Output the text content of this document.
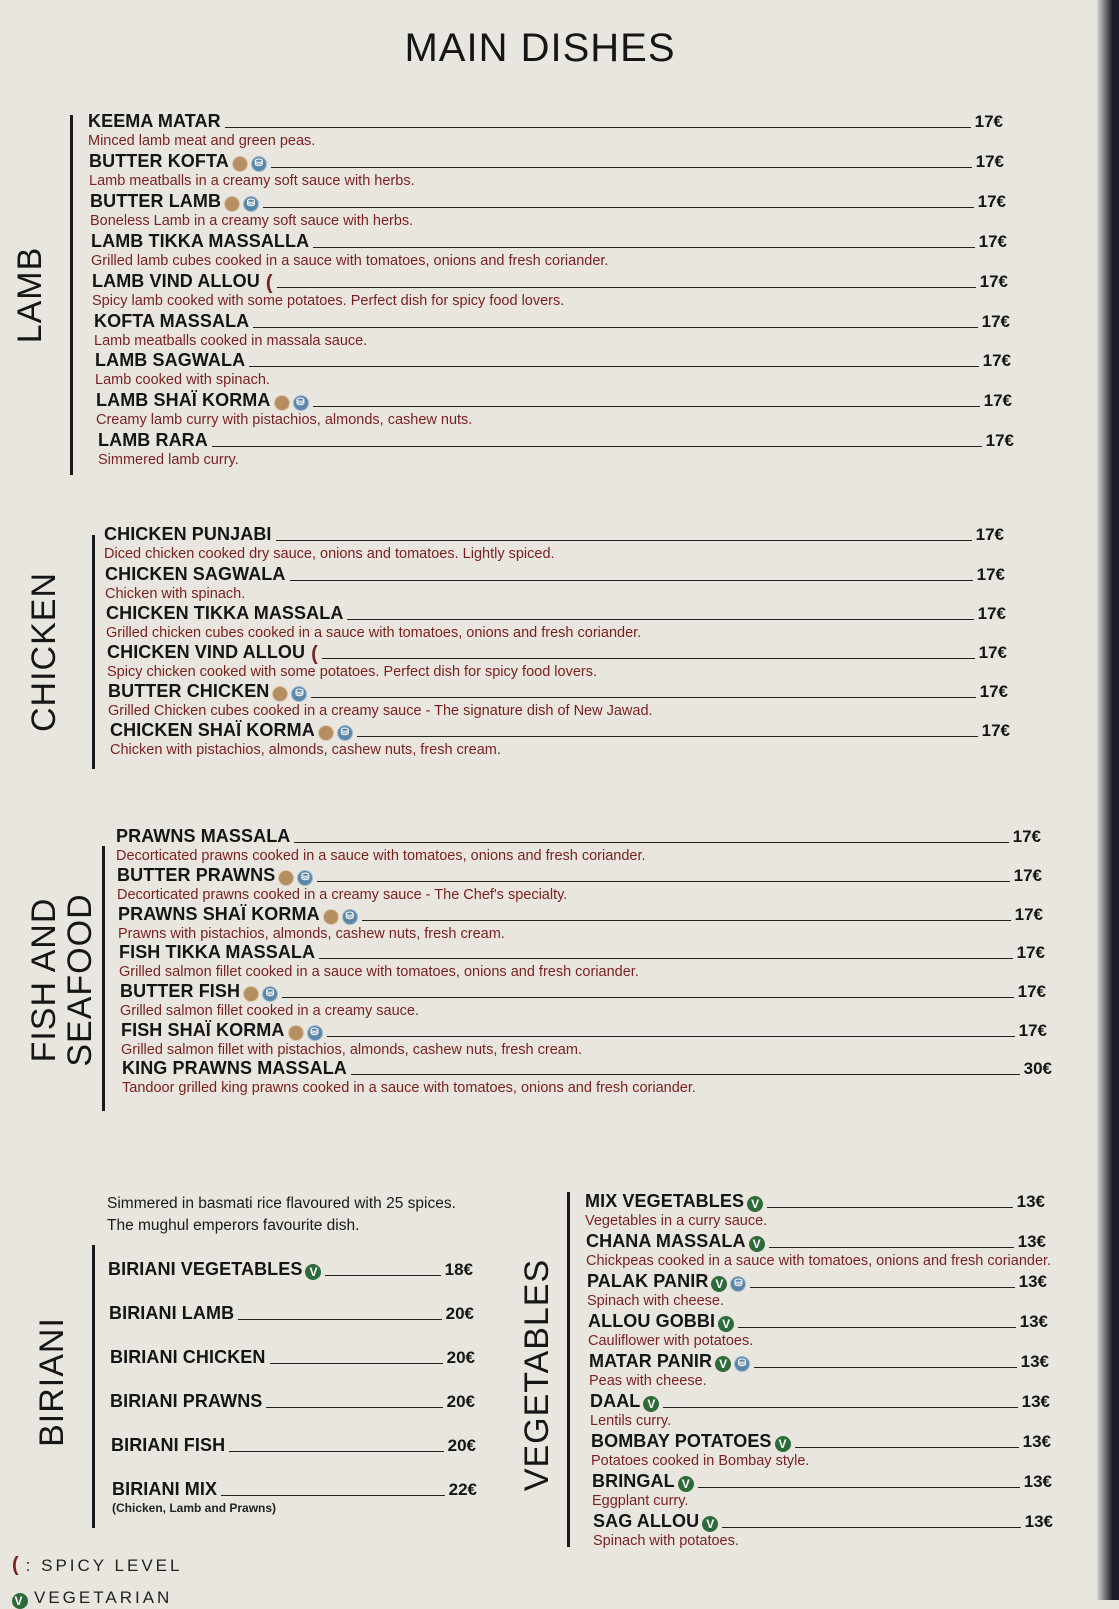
MAIN DISHES
LAMB
KEEMA MATAR	17€
Minced lamb meat and green peas.
BUTTER KOFTA	⛁	17€
Lamb meatballs in a creamy soft sauce with herbs.
BUTTER LAMB	⛁	17€
Boneless Lamb in a creamy soft sauce with herbs.
LAMB TIKKA MASSALLA	17€
Grilled lamb cubes cooked in a sauce with tomatoes, onions and fresh coriander.
LAMB VIND ALLOU (	17€
Spicy lamb cooked with some potatoes. Perfect dish for spicy food lovers.
KOFTA MASSALA	17€
Lamb meatballs cooked in massala sauce.
LAMB SAGWALA	17€
Lamb cooked with spinach.
LAMB SHAÏ KORMA	⛁	17€
Creamy lamb curry with pistachios, almonds, cashew nuts.
LAMB RARA	17€
Simmered lamb curry.
CHICKEN
CHICKEN PUNJABI	17€
Diced chicken cooked dry sauce, onions and tomatoes. Lightly spiced.
CHICKEN SAGWALA	17€
Chicken with spinach.
CHICKEN TIKKA MASSALA	17€
Grilled chicken cubes cooked in a sauce with tomatoes, onions and fresh coriander.
CHICKEN VIND ALLOU (	17€
Spicy chicken cooked with some potatoes. Perfect dish for spicy food lovers.
BUTTER CHICKEN	⛁	17€
Grilled Chicken cubes cooked in a creamy sauce - The signature dish of New Jawad.
CHICKEN SHAÏ KORMA	⛁	17€
Chicken with pistachios, almonds, cashew nuts, fresh cream.
FISH AND
SEAFOOD
PRAWNS MASSALA	17€
Decorticated prawns cooked in a sauce with tomatoes, onions and fresh coriander.
BUTTER PRAWNS	⛁	17€
Decorticated prawns cooked in a creamy sauce - The Chef's specialty.
PRAWNS SHAÏ KORMA	⛁	17€
Prawns with pistachios, almonds, cashew nuts, fresh cream.
FISH TIKKA MASSALA	17€
Grilled salmon fillet cooked in a sauce with tomatoes, onions and fresh coriander.
BUTTER FISH	⛁	17€
Grilled salmon fillet cooked in a creamy sauce.
FISH SHAÏ KORMA	⛁	17€
Grilled salmon fillet with pistachios, almonds, cashew nuts, fresh cream.
KING PRAWNS MASSALA	30€
Tandoor grilled king prawns cooked in a sauce with tomatoes, onions and fresh coriander.
Simmered in basmati rice flavoured with 25 spices.
The mughul emperors favourite dish.
BIRIANI
BIRIANI VEGETABLES V	18€
BIRIANI LAMB	20€
BIRIANI CHICKEN	20€
BIRIANI PRAWNS	20€
BIRIANI FISH	20€
BIRIANI MIX	22€
(Chicken, Lamb and Prawns)
VEGETABLES
MIX VEGETABLES V	13€
Vegetables in a curry sauce.
CHANA MASSALA V	13€
Chickpeas cooked in a sauce with tomatoes, onions and fresh coriander.
PALAK PANIR V	⛁	13€
Spinach with cheese.
ALLOU GOBBI V	13€
Cauliflower with potatoes.
MATAR PANIR V	⛁	13€
Peas with cheese.
DAAL V	13€
Lentils curry.
BOMBAY POTATOES V	13€
Potatoes cooked in Bombay style.
BRINGAL V	13€
Eggplant curry.
SAG ALLOU V	13€
Spinach with potatoes.
( : SPICY LEVEL
V VEGETARIAN
